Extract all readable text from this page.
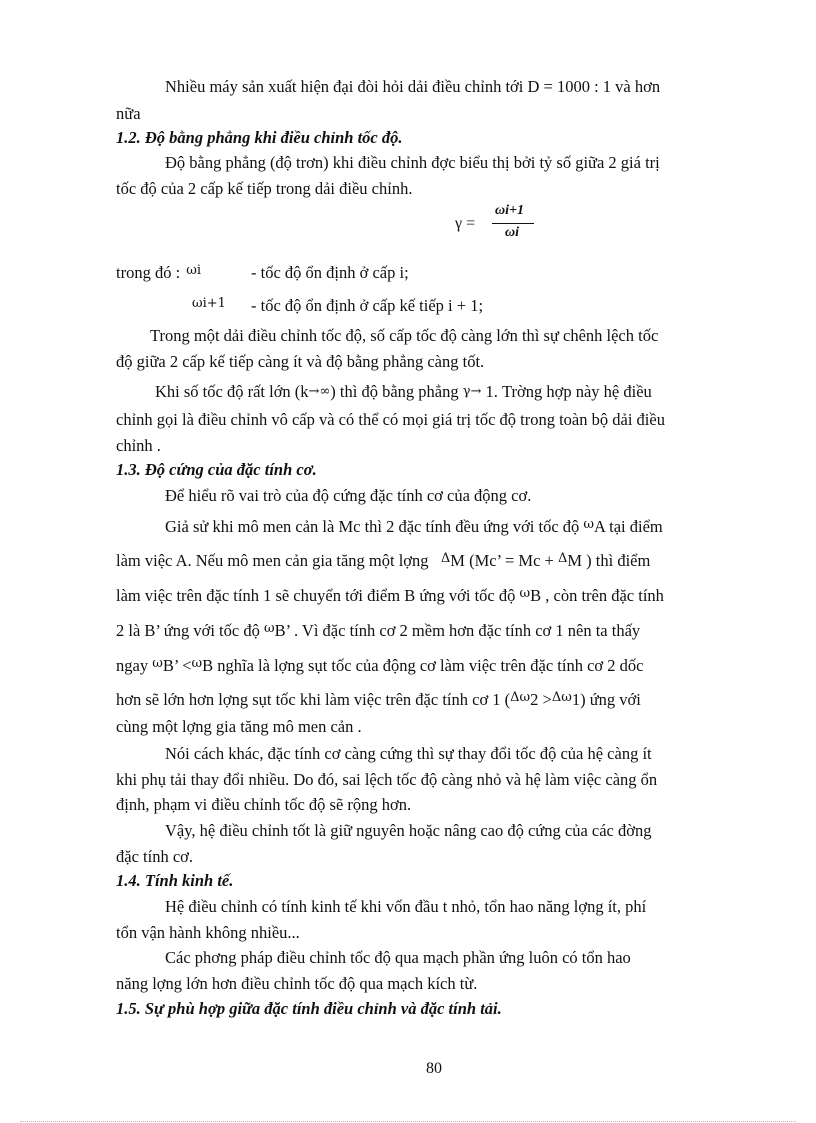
Nhiều máy sản xuất hiện đại đòi hỏi dải điều chỉnh tới D = 1000 : 1 và hơn
nữa
1.2. Độ bằng phẳng khi điều chỉnh tốc độ.
Độ bằng phẳng (độ trơn) khi điều chỉnh đợc biểu thị bởi tỷ số giữa 2 giá trị
tốc độ của 2 cấp kế tiếp trong dải điều chỉnh.
γ =
ωi+1
ωi
trong đó : $^{\omega i}$	- tốc độ ổn định ở cấp i;
$^{\omega i+1}$ - tốc độ ổn định ở cấp kế tiếp i + 1;
Trong một dải điều chỉnh tốc độ, số cấp tốc độ càng lớn thì sự chênh lệch tốc
độ giữa 2 cấp kế tiếp càng ít và độ bằng phẳng càng tốt.
Khi số tốc độ rất lớn (k→∞) thì độ bằng phẳng γ→ 1. Trờng hợp này hệ điều
chỉnh gọi là điều chỉnh vô cấp và có thể có mọi giá trị tốc độ trong toàn bộ dải điều
chỉnh .
1.3. Độ cứng của đặc tính cơ.
Để hiểu rõ vai trò của độ cứng đặc tính cơ của động cơ.
Giả sử khi mô men cản là Mc thì 2 đặc tính đều ứng với tốc độ $^\omega$A tại điểm
làm việc A. Nếu mô men cản gia tăng một lợng $^\Delta$M (Mc’ = Mc + $^\Delta$M ) thì điểm
làm việc trên đặc tính 1 sẽ chuyển tới điểm B ứng với tốc độ $^\omega$B , còn trên đặc tính
2 là B’ ứng với tốc độ $^\omega$B’ . Vì đặc tính cơ 2 mềm hơn đặc tính cơ 1 nên ta thấy
ngay $^\omega$B’ <$^\omega$B nghĩa là lợng sụt tốc của động cơ làm việc trên đặc tính cơ 2 dốc
hơn sẽ lớn hơn lợng sụt tốc khi làm việc trên đặc tính cơ 1 ($^{\Delta\omega}$2 >$^{\Delta\omega}$1) ứng với
cùng một lợng gia tăng mô men cản .
Nói cách khác, đặc tính cơ càng cứng thì sự thay đổi tốc độ của hệ càng ít
khi phụ tải thay đổi nhiều. Do đó, sai lệch tốc độ càng nhỏ và hệ làm việc càng ổn
định, phạm vi điều chỉnh tốc độ sẽ rộng hơn.
Vậy, hệ điều chỉnh tốt là giữ nguyên hoặc nâng cao độ cứng của các đờng
đặc tính cơ.
1.4. Tính kinh tế.
Hệ điều chỉnh có tính kinh tế khi vốn đầu t nhỏ, tổn hao năng lợng ít, phí
tổn vận hành không nhiều...
Các phơng pháp điều chỉnh tốc độ qua mạch phần ứng luôn có tổn hao
năng lợng lớn hơn điều chỉnh tốc độ qua mạch kích từ.
1.5. Sự phù hợp giữa đặc tính điều chỉnh và đặc tính tải.
80
